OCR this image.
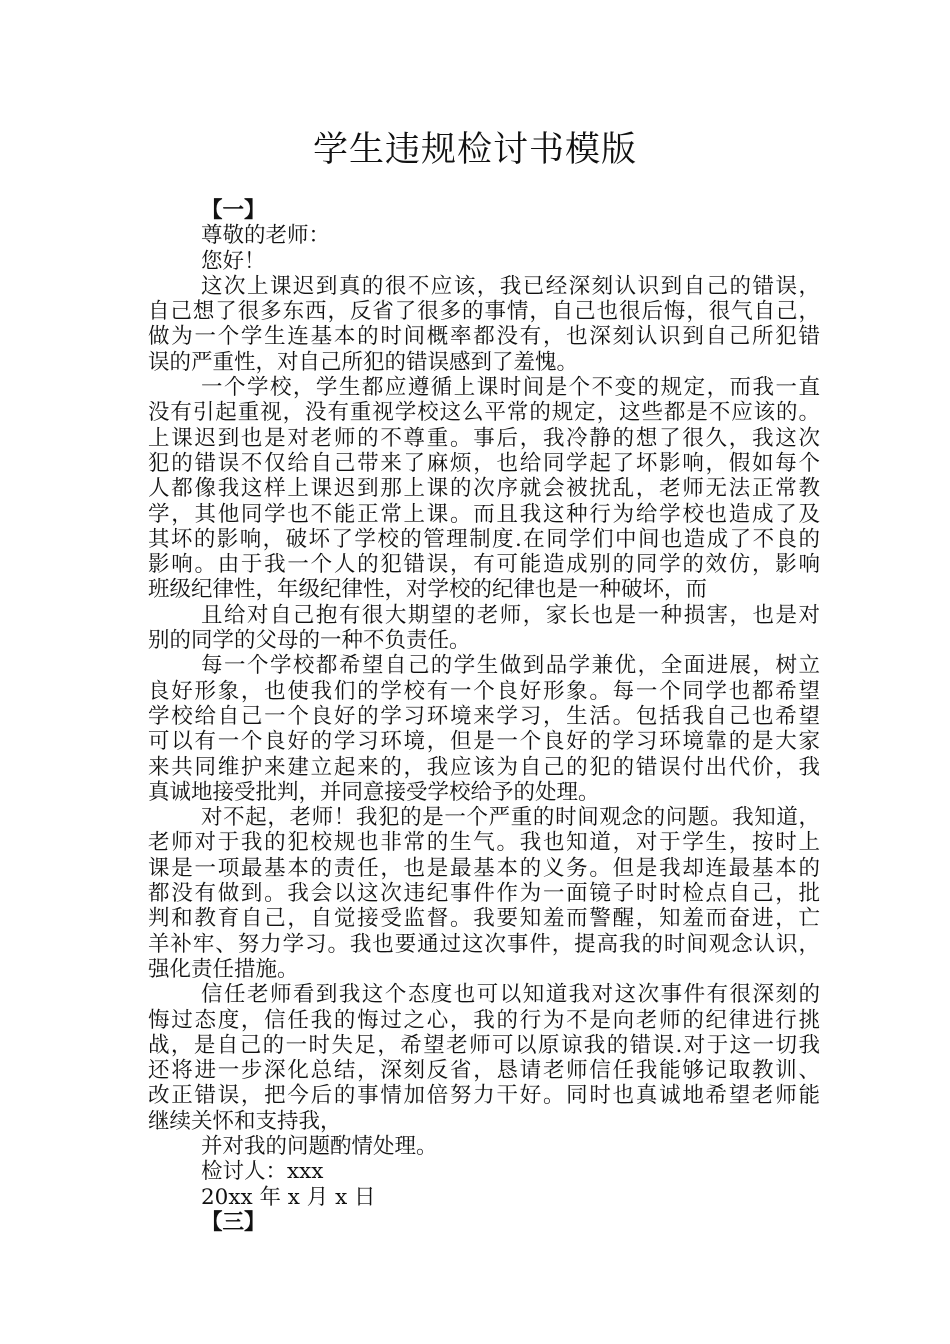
学生违规检讨书模版
【一】
尊敬的老师：
您好！
这次上课迟到真的很不应该，我已经深刻认识到自己的错误，
自己想了很多东西，反省了很多的事情，自己也很后悔，很气自己，
做为一个学生连基本的时间概率都没有，也深刻认识到自己所犯错
误的严重性，对自己所犯的错误感到了羞愧。
一个学校，学生都应遵循上课时间是个不变的规定，而我一直
没有引起重视，没有重视学校这么平常的规定，这些都是不应该的。
上课迟到也是对老师的不尊重。事后，我冷静的想了很久，我这次
犯的错误不仅给自己带来了麻烦，也给同学起了坏影响，假如每个
人都像我这样上课迟到那上课的次序就会被扰乱，老师无法正常教
学，其他同学也不能正常上课。而且我这种行为给学校也造成了及
其坏的影响，破坏了学校的管理制度.在同学们中间也造成了不良的
影响。由于我一个人的犯错误，有可能造成别的同学的效仿，影响
班级纪律性，年级纪律性，对学校的纪律也是一种破坏，而
且给对自己抱有很大期望的老师，家长也是一种损害，也是对
别的同学的父母的一种不负责任。
每一个学校都希望自己的学生做到品学兼优，全面进展，树立
良好形象，也使我们的学校有一个良好形象。每一个同学也都希望
学校给自己一个良好的学习环境来学习，生活。包括我自己也希望
可以有一个良好的学习环境，但是一个良好的学习环境靠的是大家
来共同维护来建立起来的，我应该为自己的犯的错误付出代价，我
真诚地接受批判，并同意接受学校给予的处理。
对不起，老师！我犯的是一个严重的时间观念的问题。我知道，
老师对于我的犯校规也非常的生气。我也知道，对于学生，按时上
课是一项最基本的责任，也是最基本的义务。但是我却连最基本的
都没有做到。我会以这次违纪事件作为一面镜子时时检点自己，批
判和教育自己，自觉接受监督。我要知羞而警醒，知羞而奋进，亡
羊补牢、努力学习。我也要通过这次事件，提高我的时间观念认识，
强化责任措施。
信任老师看到我这个态度也可以知道我对这次事件有很深刻的
悔过态度，信任我的悔过之心，我的行为不是向老师的纪律进行挑
战，是自己的一时失足，希望老师可以原谅我的错误.对于这一切我
还将进一步深化总结，深刻反省，恳请老师信任我能够记取教训、
改正错误，把今后的事情加倍努力干好。同时也真诚地希望老师能
继续关怀和支持我，
并对我的问题酌情处理。
检讨人：xxx
20xx 年 x 月 x 日
【三】
